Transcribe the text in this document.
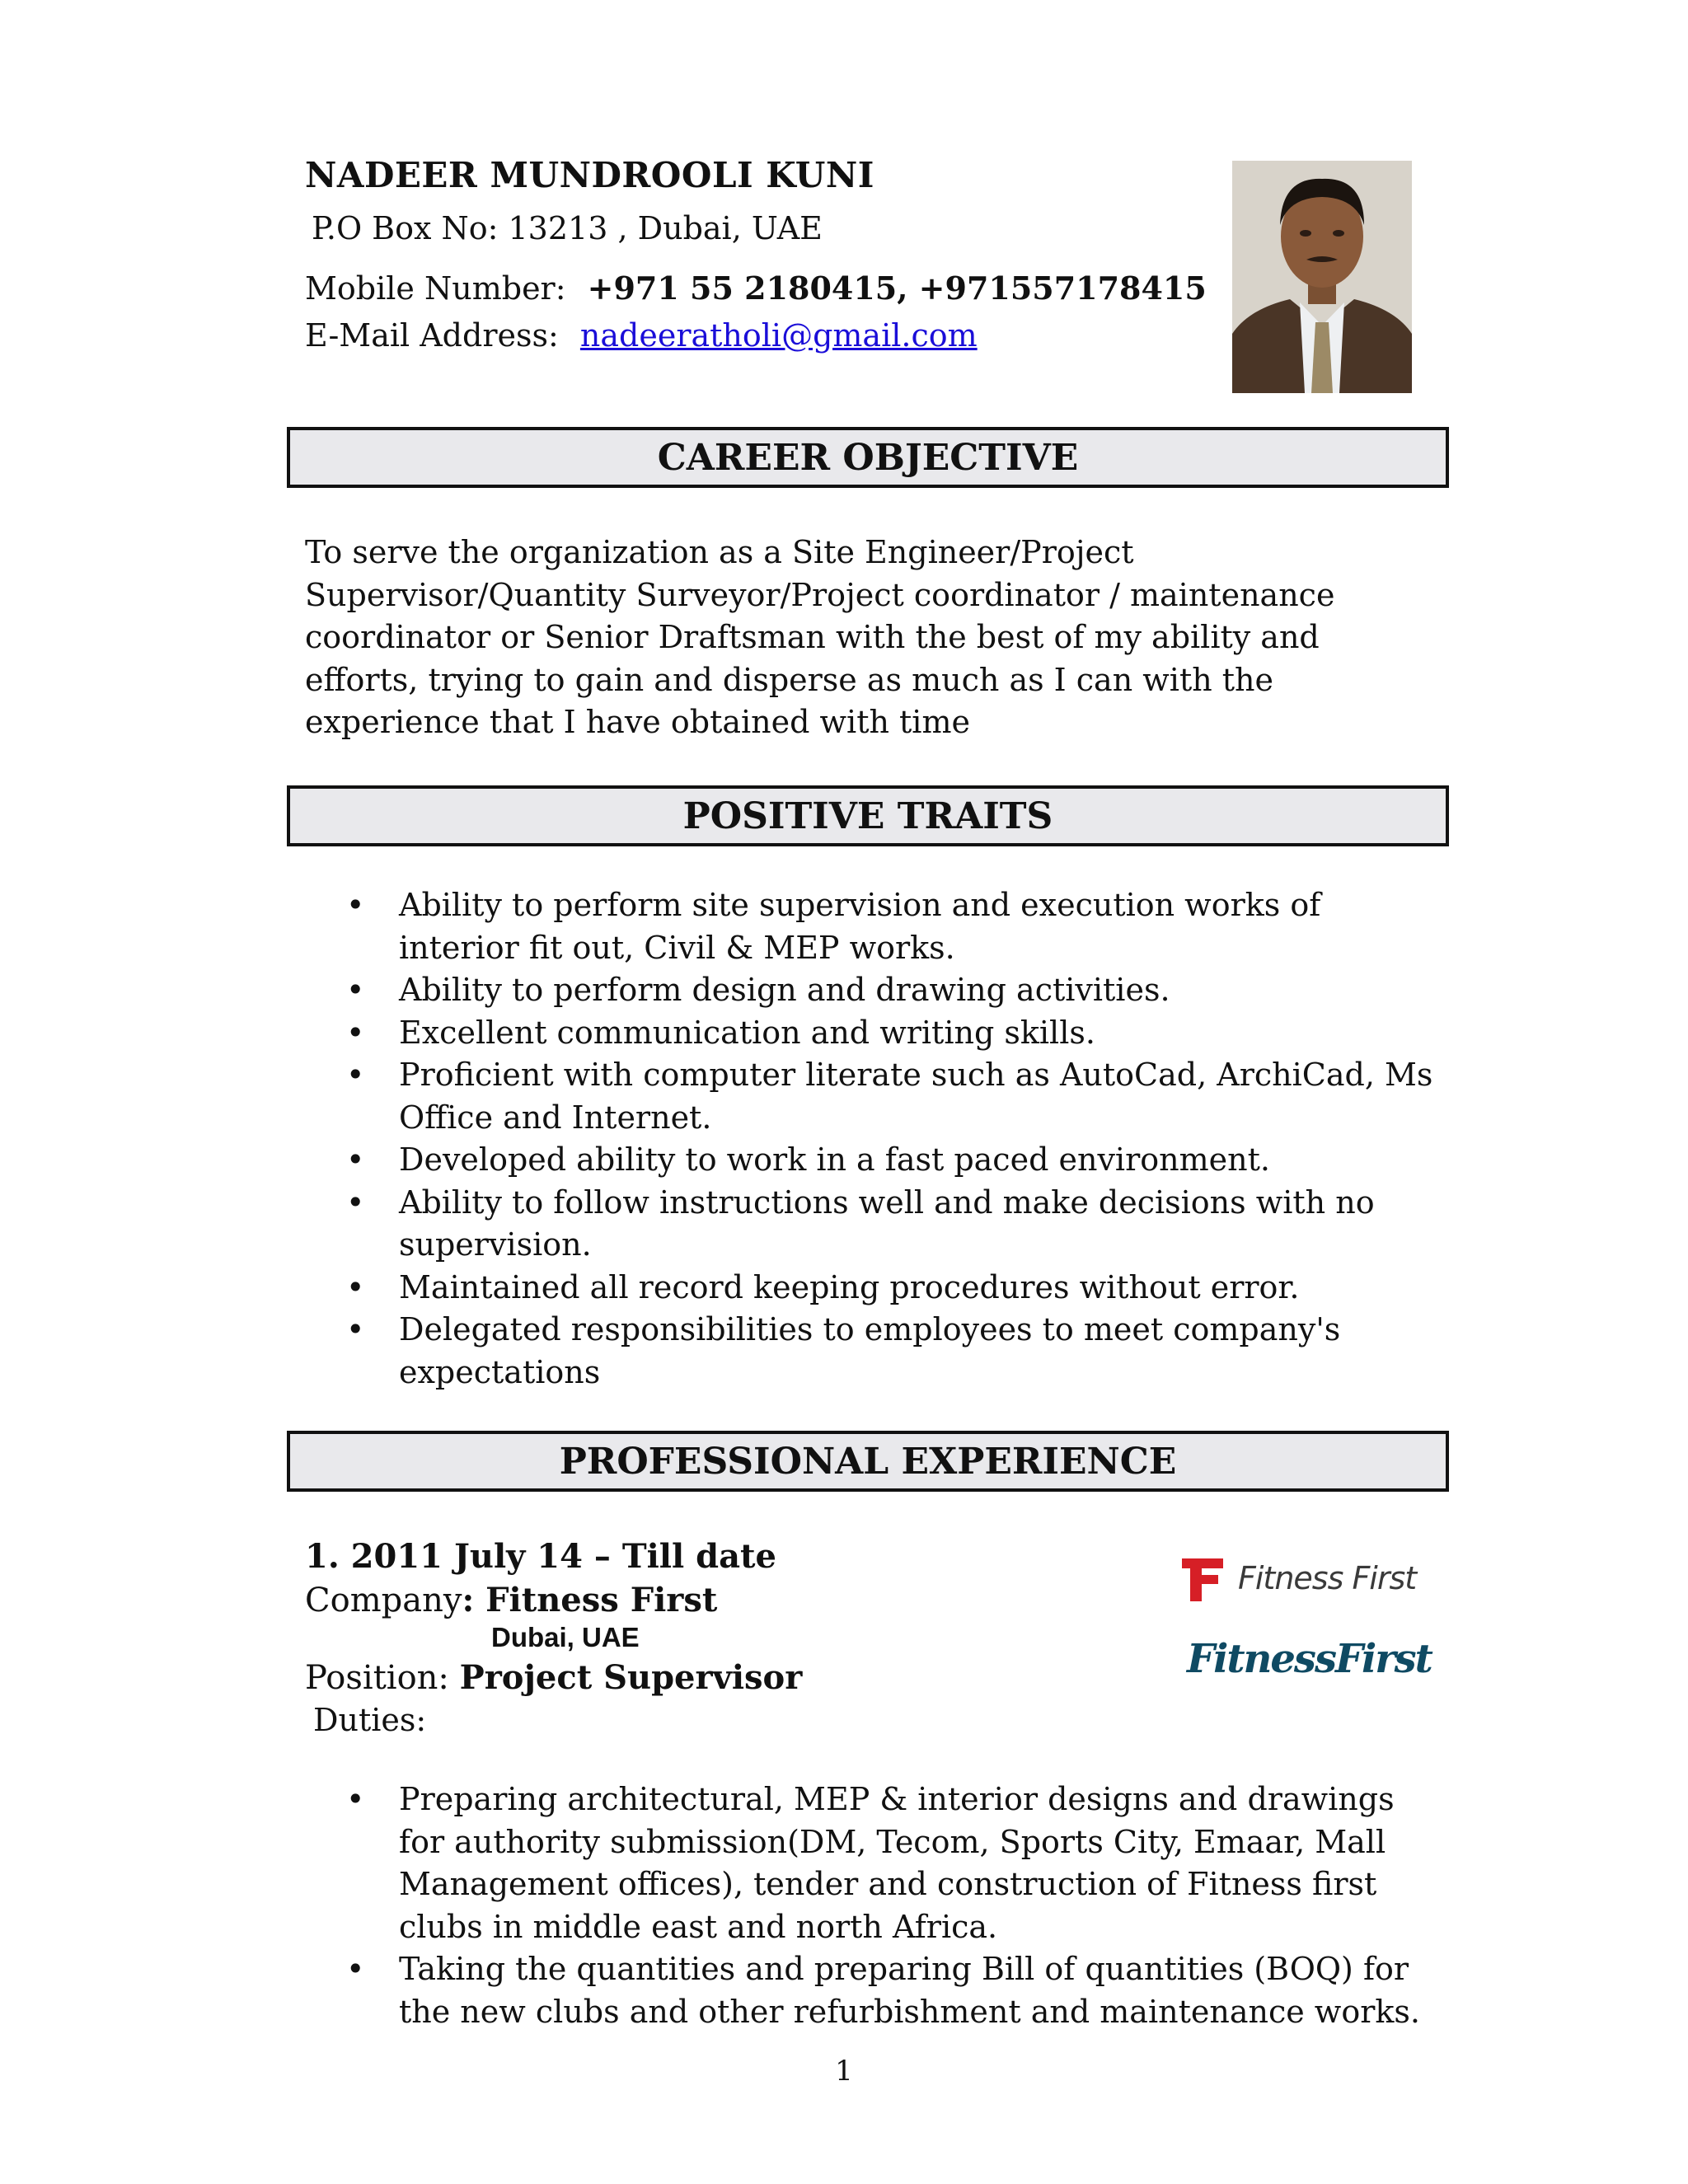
NADEER MUNDROOLI KUNI
P.O Box No: 13213 , Dubai, UAE
Mobile Number: +971 55 2180415, +971557178415
E-Mail Address: nadeeratholi@gmail.com
CAREER OBJECTIVE
To serve the organization as a Site Engineer/Project Supervisor/Quantity Surveyor/Project coordinator / maintenance coordinator or Senior Draftsman with the best of my ability and efforts, trying to gain and disperse as much as I can with the experience that I have obtained with time
POSITIVE TRAITS
• Ability to perform site supervision and execution works of interior fit out, Civil & MEP works.
• Ability to perform design and drawing activities.
• Excellent communication and writing skills.
• Proficient with computer literate such as AutoCad, ArchiCad, Ms Office and Internet.
• Developed ability to work in a fast paced environment.
• Ability to follow instructions well and make decisions with no supervision.
• Maintained all record keeping procedures without error.
• Delegated responsibilities to employees to meet company's expectations
PROFESSIONAL EXPERIENCE
1. 2011 July 14 – Till date
Company: Fitness First
Dubai, UAE
Position: Project Supervisor
Duties:
Fitness First
FitnessFirst
• Preparing architectural, MEP & interior designs and drawings for authority submission(DM, Tecom, Sports City, Emaar, Mall Management offices), tender and construction of Fitness first clubs in middle east and north Africa.
• Taking the quantities and preparing Bill of quantities (BOQ) for the new clubs and other refurbishment and maintenance works.
1
